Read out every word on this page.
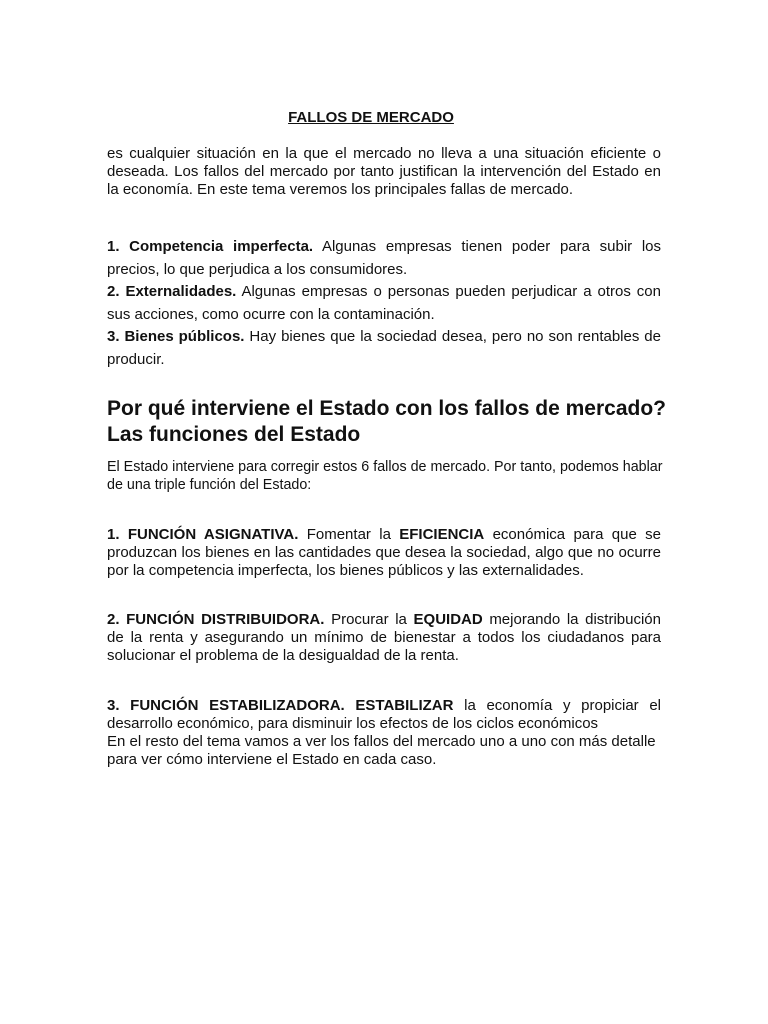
FALLOS DE MERCADO
es cualquier situación en la que el mercado no lleva a una situación eficiente o deseada. Los fallos del mercado por tanto justifican la intervención del Estado en la economía. En este tema veremos los principales fallas de mercado.

1. Competencia imperfecta. Algunas empresas tienen poder para subir los precios, lo que perjudica a los consumidores.

2. Externalidades. Algunas empresas o personas pueden perjudicar a otros con sus acciones, como ocurre con la contaminación.

3. Bienes públicos. Hay bienes que la sociedad desea, pero no son rentables de producir.

Por qué interviene el Estado con los fallos de mercado?
Las funciones del Estado
El Estado interviene para corregir estos 6 fallos de mercado. Por tanto, podemos hablar de una triple función del Estado:
1. FUNCIÓN ASIGNATIVA. Fomentar la EFICIENCIA económica para que se produzcan los bienes en las cantidades que desea la sociedad, algo que no ocurre por la competencia imperfecta, los bienes públicos y las externalidades.
2. FUNCIÓN DISTRIBUIDORA. Procurar la EQUIDAD mejorando la distribución de la renta y asegurando un mínimo de bienestar a todos los ciudadanos para solucionar el problema de la desigualdad de la renta.
3. FUNCIÓN ESTABILIZADORA. ESTABILIZAR la economía y propiciar el desarrollo económico, para disminuir los efectos de los ciclos económicos
En el resto del tema vamos a ver los fallos del mercado uno a uno con más detalle para ver cómo interviene el Estado en cada caso.
